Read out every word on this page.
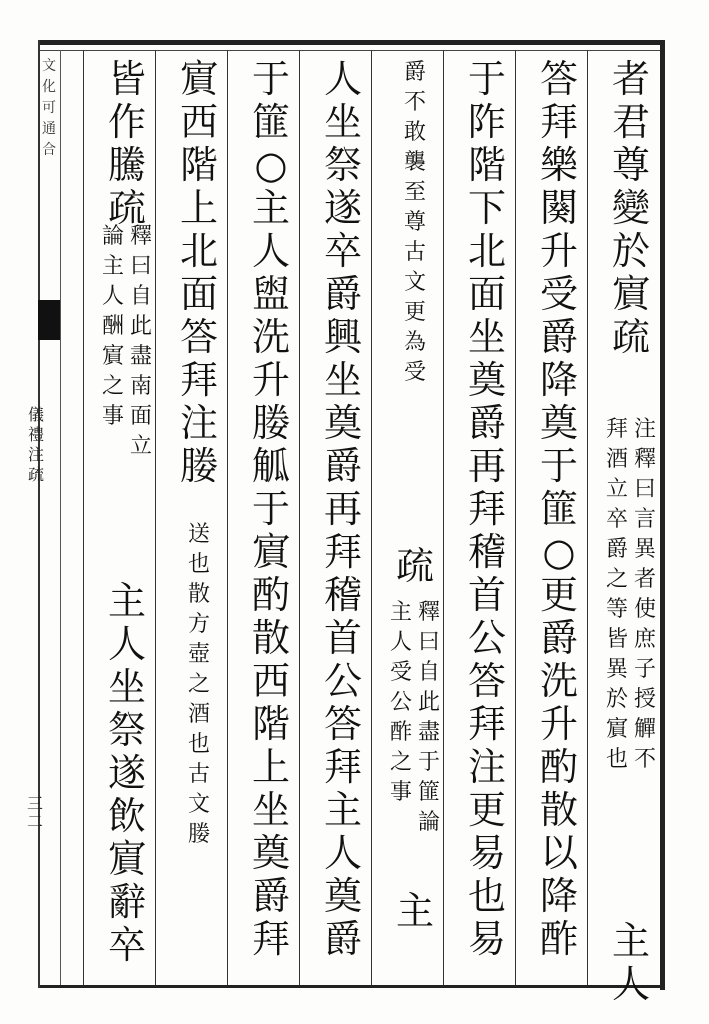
文化可通合
儀禮注疏
三二
者
君
尊
變
於
賔
疏
注
釋
曰
言
異
者
使
庶
子
授
觶
不
拜
酒
立
卒
爵
之
等
皆
異
於
賔
也
主
人
答
拜
樂
闋
升
受
爵
降
奠
于
篚
○
更
爵
洗
升
酌
散
以
降
酢
于
阼
階
下
北
面
坐
奠
爵
再
拜
稽
首
公
答
拜
注
更
易
也
易
爵
不
敢
襲
至
尊
古
文
更
為
受
疏
釋
曰
自
此
盡
于
篚
論
主
人
受
公
酢
之
事
主
人
坐
祭
遂
卒
爵
興
坐
奠
爵
再
拜
稽
首
公
答
拜
主
人
奠
爵
于
篚
○
主
人
盥
洗
升
媵
觚
于
賔
酌
散
西
階
上
坐
奠
爵
拜
賔
西
階
上
北
面
答
拜
注
媵
送
也
散
方
壺
之
酒
也
古
文
媵
皆
作
騰
疏
釋
曰
自
此
盡
南
面
立
論
主
人
酬
賔
之
事
主
人
坐
祭
遂
飲
賔
辭
卒
